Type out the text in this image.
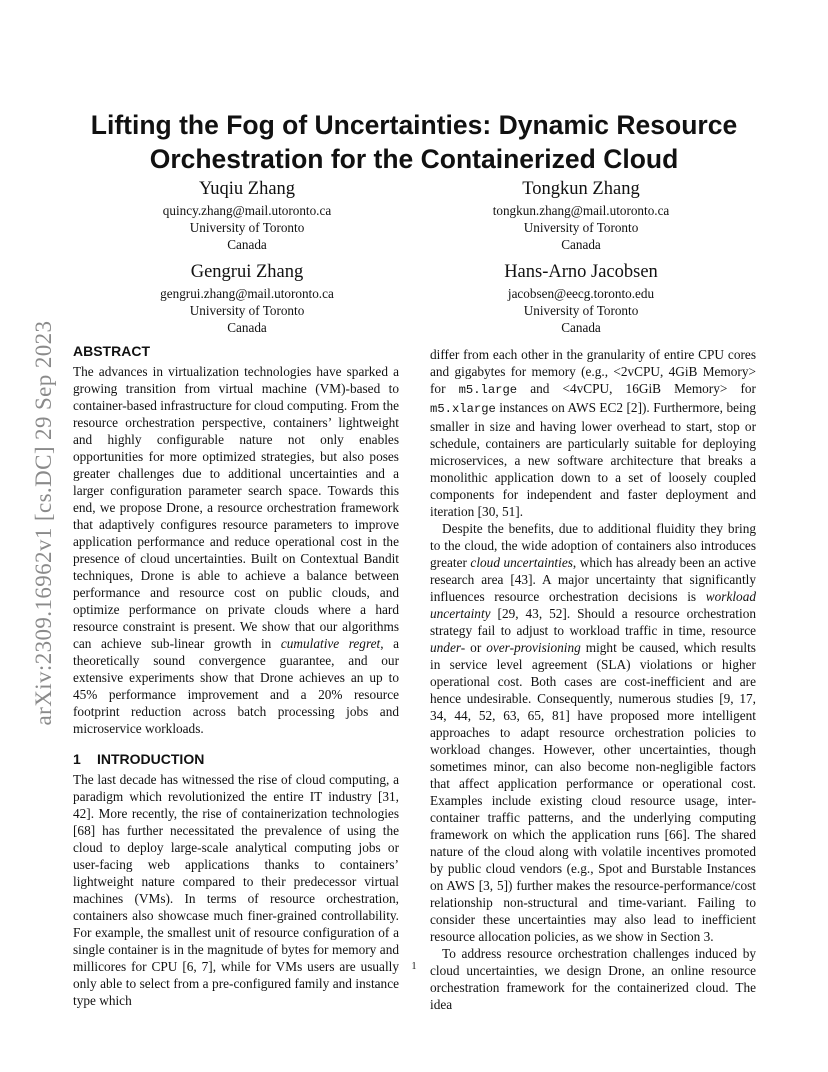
arXiv:2309.16962v1 [cs.DC] 29 Sep 2023
Lifting the Fog of Uncertainties: Dynamic Resource
Orchestration for the Containerized Cloud
Yuqiu Zhang
quincy.zhang@mail.utoronto.ca
University of Toronto
Canada
Tongkun Zhang
tongkun.zhang@mail.utoronto.ca
University of Toronto
Canada
Gengrui Zhang
gengrui.zhang@mail.utoronto.ca
University of Toronto
Canada
Hans-Arno Jacobsen
jacobsen@eecg.toronto.edu
University of Toronto
Canada
ABSTRACT

The advances in virtualization technologies have sparked a growing transition from virtual machine (VM)-based to container-based infrastructure for cloud computing. From the resource orchestration perspective, containers’ lightweight and highly configurable nature not only enables opportunities for more optimized strategies, but also poses greater challenges due to additional uncertainties and a larger configuration parameter search space. Towards this end, we propose Drone, a resource orchestration framework that adaptively configures resource parameters to improve application performance and reduce operational cost in the presence of cloud uncertainties. Built on Contextual Bandit techniques, Drone is able to achieve a balance between performance and resource cost on public clouds, and optimize performance on private clouds where a hard resource constraint is present. We show that our algorithms can achieve sub-linear growth in cumulative regret, a theoretically sound convergence guarantee, and our extensive experiments show that Drone achieves an up to 45% performance improvement and a 20% resource footprint reduction across batch processing jobs and microservice workloads.

1 INTRODUCTION

The last decade has witnessed the rise of cloud computing, a paradigm which revolutionized the entire IT industry [31, 42]. More recently, the rise of containerization technologies [68] has further necessitated the prevalence of using the cloud to deploy large-scale analytical computing jobs or user-facing web applications thanks to containers’ lightweight nature compared to their predecessor virtual machines (VMs). In terms of resource orchestration, containers also showcase much finer-grained controllability. For example, the smallest unit of resource configuration of a single container is in the magnitude of bytes for memory and millicores for CPU [6, 7], while for VMs users are usually only able to select from a pre-configured family and instance type which

differ from each other in the granularity of entire CPU cores and gigabytes for memory (e.g., <2vCPU, 4GiB Memory> for m5.large and <4vCPU, 16GiB Memory> for m5.xlarge instances on AWS EC2 [2]). Furthermore, being smaller in size and having lower overhead to start, stop or schedule, containers are particularly suitable for deploying microservices, a new software architecture that breaks a monolithic application down to a set of loosely coupled components for independent and faster deployment and iteration [30, 51].

Despite the benefits, due to additional fluidity they bring to the cloud, the wide adoption of containers also introduces greater cloud uncertainties, which has already been an active research area [43]. A major uncertainty that significantly influences resource orchestration decisions is workload uncertainty [29, 43, 52]. Should a resource orchestration strategy fail to adjust to workload traffic in time, resource under- or over-provisioning might be caused, which results in service level agreement (SLA) violations or higher operational cost. Both cases are cost-inefficient and are hence undesirable. Consequently, numerous studies [9, 17, 34, 44, 52, 63, 65, 81] have proposed more intelligent approaches to adapt resource orchestration policies to workload changes. However, other uncertainties, though sometimes minor, can also become non-negligible factors that affect application performance or operational cost. Examples include existing cloud resource usage, inter-container traffic patterns, and the underlying computing framework on which the application runs [66]. The shared nature of the cloud along with volatile incentives promoted by public cloud vendors (e.g., Spot and Burstable Instances on AWS [3, 5]) further makes the resource-performance/cost relationship non-structural and time-variant. Failing to consider these uncertainties may also lead to inefficient resource allocation policies, as we show in Section 3.

To address resource orchestration challenges induced by cloud uncertainties, we design Drone, an online resource orchestration framework for the containerized cloud. The idea

1
